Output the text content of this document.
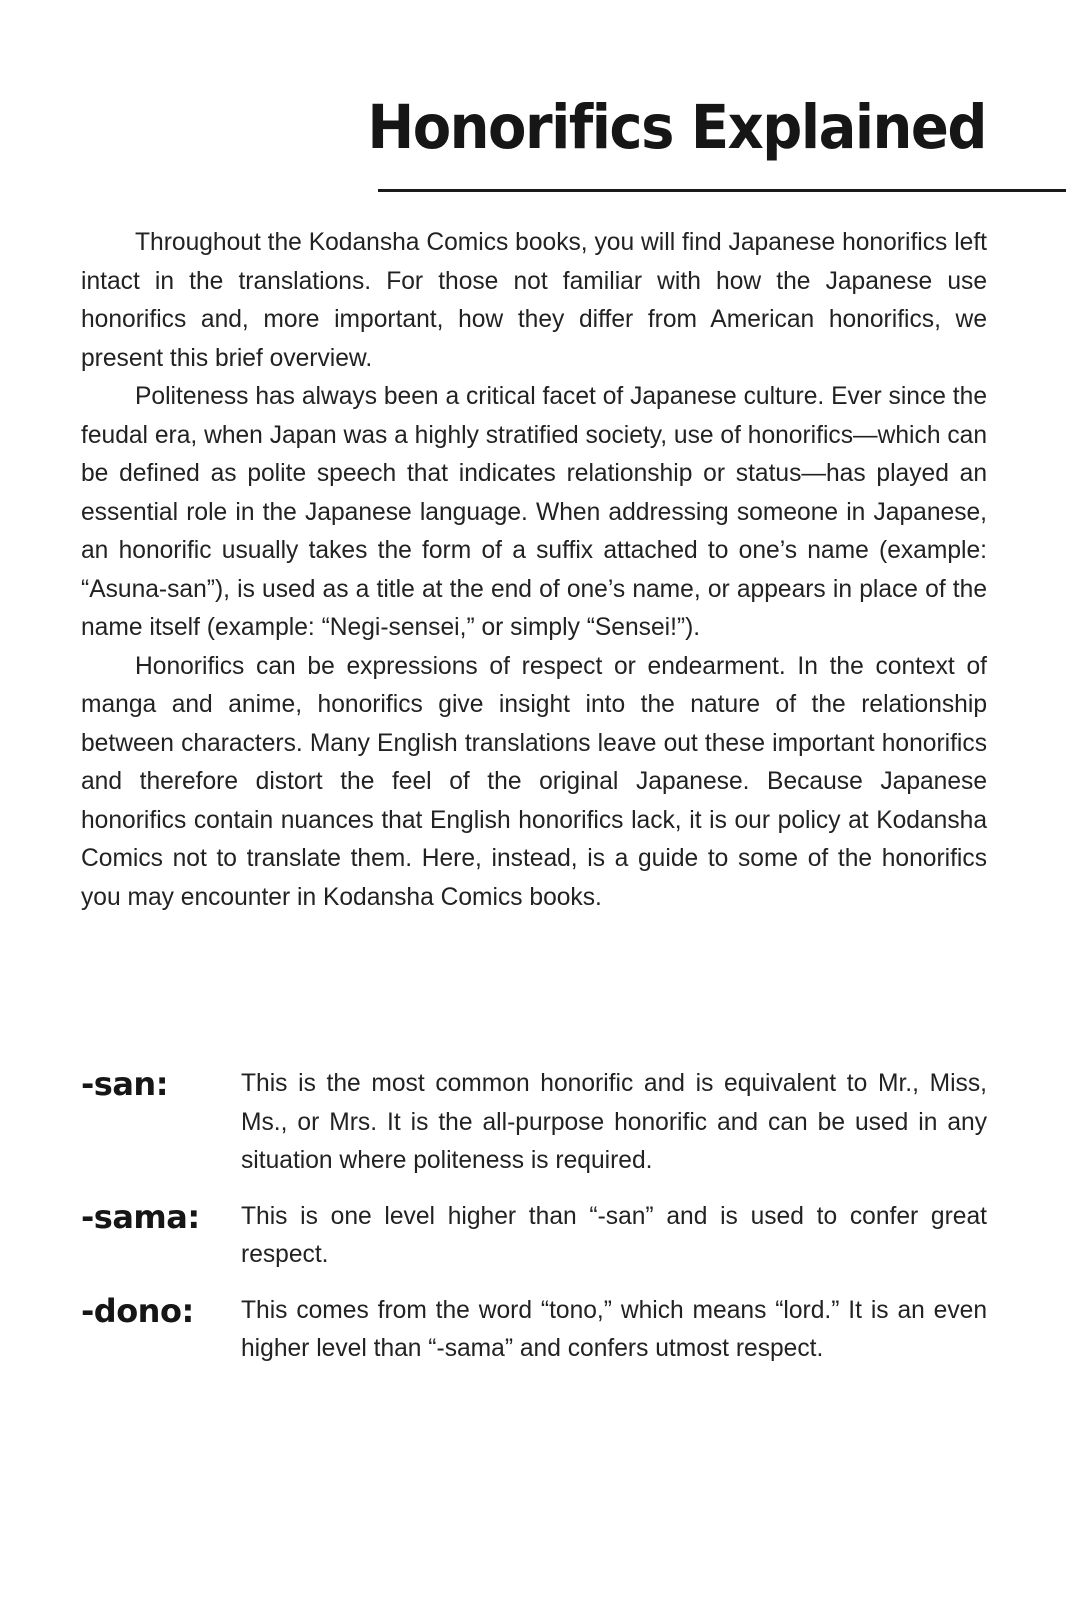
Honorifics Explained

Throughout the Kodansha Comics books, you will find Japanese honorifics left intact in the translations. For those not familiar with how the Japanese use honorifics and, more important, how they differ from American honorifics, we present this brief overview.

Politeness has always been a critical facet of Japanese culture. Ever since the feudal era, when Japan was a highly stratified society, use of honorifics—which can be defined as polite speech that indicates relationship or status—has played an essential role in the Japanese language. When addressing someone in Japanese, an honorific usually takes the form of a suffix attached to one’s name (example: “Asuna-san”), is used as a title at the end of one’s name, or appears in place of the name itself (example: “Negi-sensei,” or simply “Sensei!”).

Honorifics can be expressions of respect or endearment. In the context of manga and anime, honorifics give insight into the nature of the relationship between characters. Many English translations leave out these important honorifics and therefore distort the feel of the original Japanese. Because Japanese honorifics contain nuances that English honorifics lack, it is our policy at Kodansha Comics not to translate them. Here, instead, is a guide to some of the honorifics you may encounter in Kodansha Comics books.

-san:	This is the most common honorific and is equivalent to Mr., Miss, Ms., or Mrs. It is the all-purpose honorific and can be used in any situation where politeness is required.
-sama:	This is one level higher than “-san” and is used to confer great respect.
-dono:	This comes from the word “tono,” which means “lord.” It is an even higher level than “-sama” and confers utmost respect.
